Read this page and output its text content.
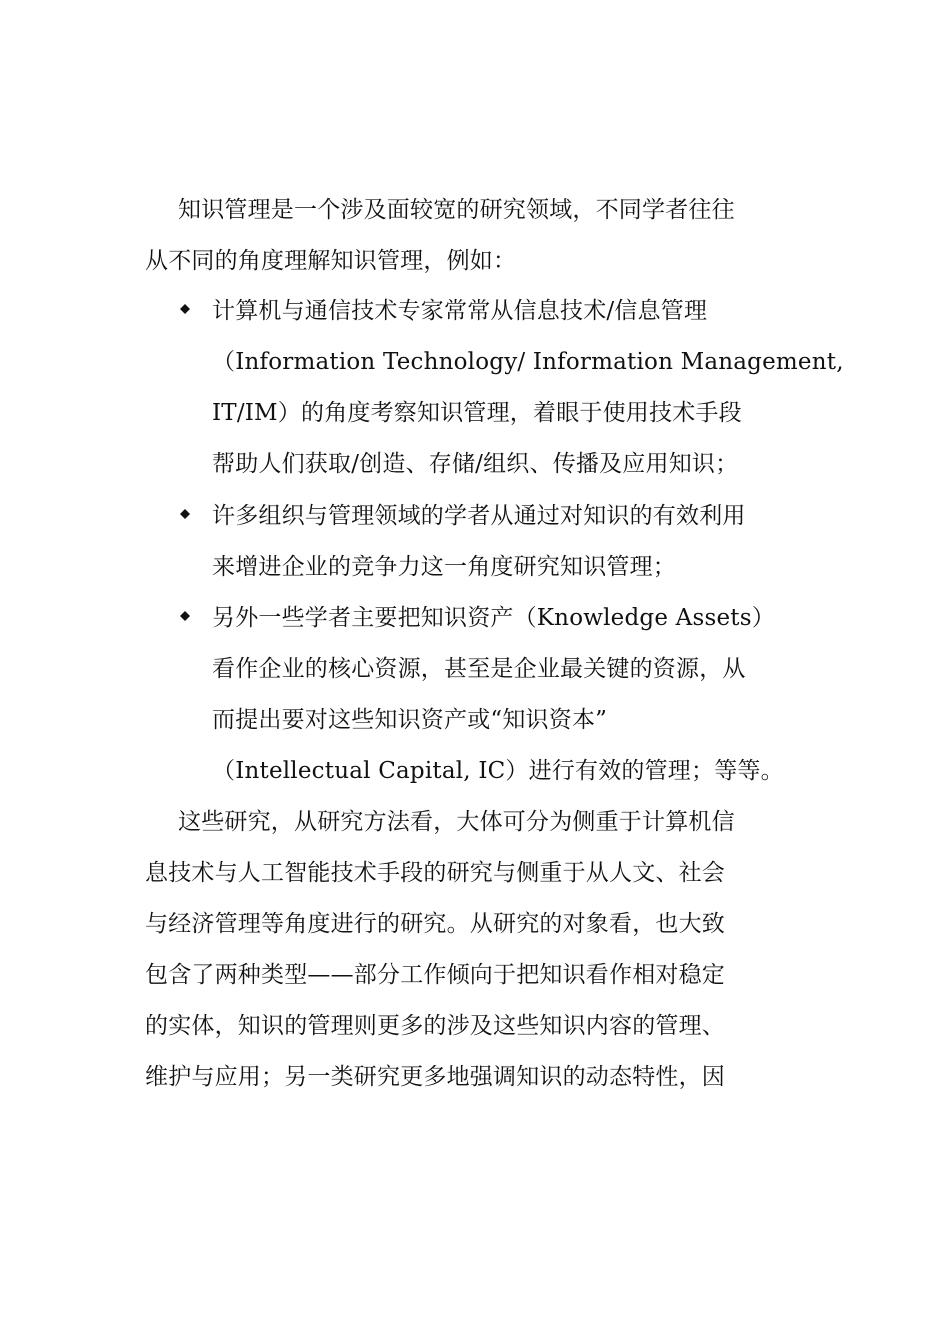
知识管理是一个涉及面较宽的研究领域，不同学者往往
从不同的角度理解知识管理，例如：
计算机与通信技术专家常常从信息技术/信息管理
（Information Technology/ Information Management,
IT/IM）的角度考察知识管理，着眼于使用技术手段
帮助人们获取/创造、存储/组织、传播及应用知识；
许多组织与管理领域的学者从通过对知识的有效利用
来增进企业的竞争力这一角度研究知识管理；
另外一些学者主要把知识资产（Knowledge Assets）
看作企业的核心资源，甚至是企业最关键的资源，从
而提出要对这些知识资产或“知识资本”
（Intellectual Capital, IC）进行有效的管理；等等。
这些研究，从研究方法看，大体可分为侧重于计算机信
息技术与人工智能技术手段的研究与侧重于从人文、社会
与经济管理等角度进行的研究。从研究的对象看，也大致
包含了两种类型——部分工作倾向于把知识看作相对稳定
的实体，知识的管理则更多的涉及这些知识内容的管理、
维护与应用；另一类研究更多地强调知识的动态特性，因
